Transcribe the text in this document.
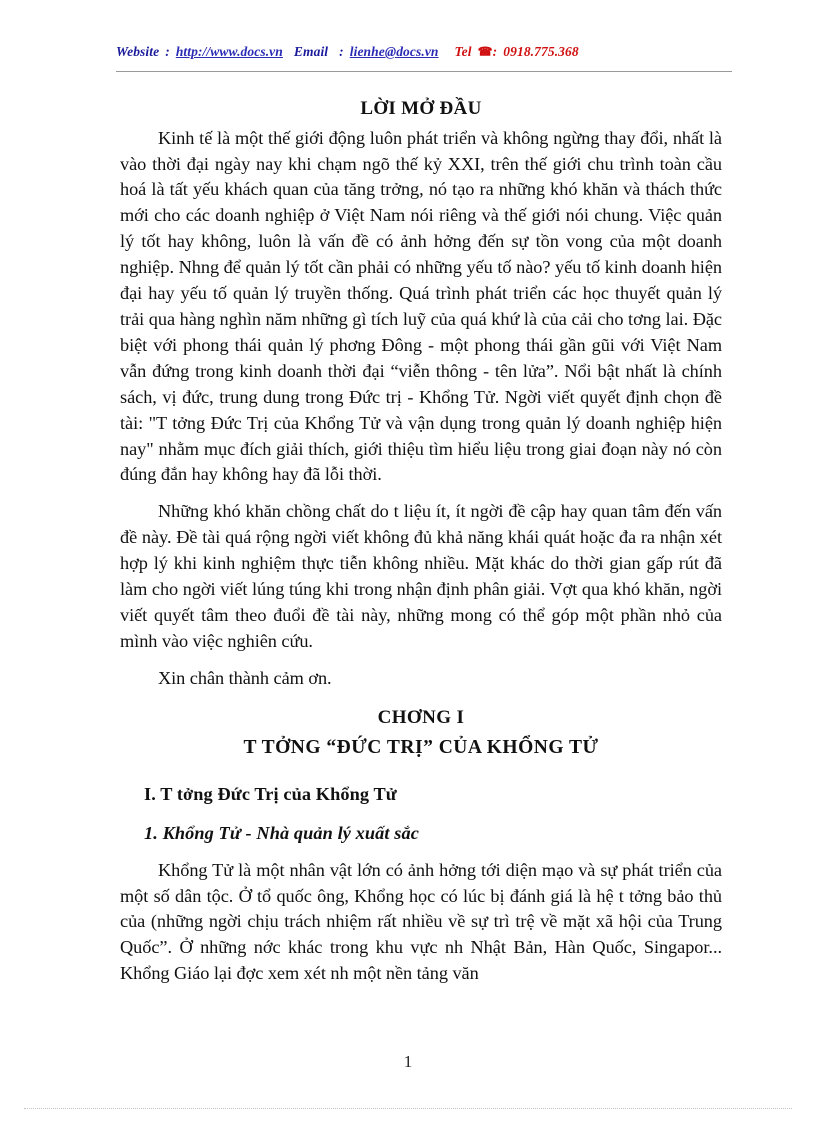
Website : http://www.docs.vn Email : lienhe@docs.vn Tel ☎: 0918.775.368
LỜI MỞ ĐẦU

Kinh tế là một thế giới động luôn phát triển và không ngừng thay đổi, nhất là vào thời đại ngày nay khi chạm ngõ thế kỷ XXI, trên thế giới chu trình toàn cầu hoá là tất yếu khách quan của tăng trởng, nó tạo ra những khó khăn và thách thức mới cho các doanh nghiệp ở Việt Nam nói riêng và thế giới nói chung. Việc quản lý tốt hay không, luôn là vấn đề có ảnh hởng đến sự tồn vong của một doanh nghiệp. Nhng để quản lý tốt cần phải có những yếu tố nào? yếu tố kinh doanh hiện đại hay yếu tố quản lý truyền thống. Quá trình phát triển các học thuyết quản lý trải qua hàng nghìn năm những gì tích luỹ của quá khứ là của cải cho tơng lai. Đặc biệt với phong thái quản lý phơng Đông - một phong thái gần gũi với Việt Nam vẫn đứng trong kinh doanh thời đại “viễn thông - tên lửa”. Nổi bật nhất là chính sách, vị đức, trung dung trong Đức trị - Khổng Tử. Ngời viết quyết định chọn đề tài: "T tởng Đức Trị của Khổng Tử và vận dụng trong quản lý doanh nghiệp hiện nay" nhằm mục đích giải thích, giới thiệu tìm hiểu liệu trong giai đoạn này nó còn đúng đắn hay không hay đã lỗi thời.

Những khó khăn chồng chất do t liệu ít, ít ngời đề cập hay quan tâm đến vấn đề này. Đề tài quá rộng ngời viết không đủ khả năng khái quát hoặc đa ra nhận xét hợp lý khi kinh nghiệm thực tiễn không nhiều. Mặt khác do thời gian gấp rút đã làm cho ngời viết lúng túng khi trong nhận định phân giải. Vợt qua khó khăn, ngời viết quyết tâm theo đuổi đề tài này, những mong có thể góp một phần nhỏ của mình vào việc nghiên cứu.

Xin chân thành cảm ơn.

CHƠNG I

T TỞNG “ĐỨC TRỊ” CỦA KHỔNG TỬ

I. T tởng Đức Trị của Khổng Tử

1. Khổng Tử - Nhà quản lý xuất sắc

Khổng Tử là một nhân vật lớn có ảnh hởng tới diện mạo và sự phát triển của một số dân tộc. Ở tổ quốc ông, Khổng học có lúc bị đánh giá là hệ t tởng bảo thủ của (những ngời chịu trách nhiệm rất nhiều về sự trì trệ về mặt xã hội của Trung Quốc”. Ở những nớc khác trong khu vực nh Nhật Bản, Hàn Quốc, Singapor... Khổng Giáo lại đợc xem xét nh một nền tảng văn

1
